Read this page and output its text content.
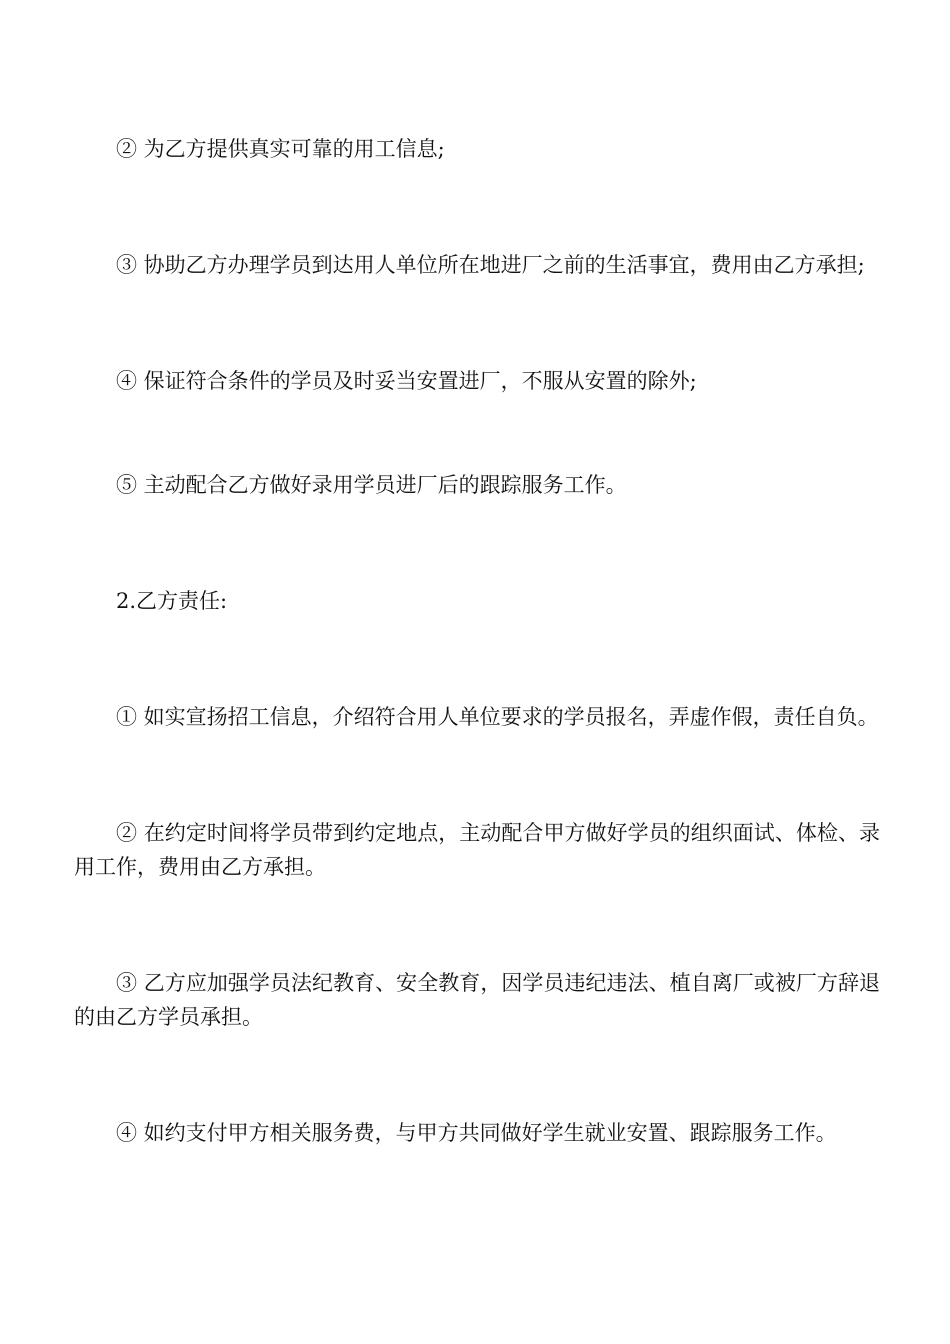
② 为乙方提供真实可靠的用工信息;

③ 协助乙方办理学员到达用人单位所在地进厂之前的生活事宜，费用由乙方承担;

④ 保证符合条件的学员及时妥当安置进厂，不服从安置的除外;

⑤ 主动配合乙方做好录用学员进厂后的跟踪服务工作。

2.乙方责任:

① 如实宣扬招工信息，介绍符合用人单位要求的学员报名，弄虚作假，责任自负。

② 在约定时间将学员带到约定地点，主动配合甲方做好学员的组织面试、体检、录用工作，费用由乙方承担。

③ 乙方应加强学员法纪教育、安全教育，因学员违纪违法、植自离厂或被厂方辞退的由乙方学员承担。

④ 如约支付甲方相关服务费，与甲方共同做好学生就业安置、跟踪服务工作。
